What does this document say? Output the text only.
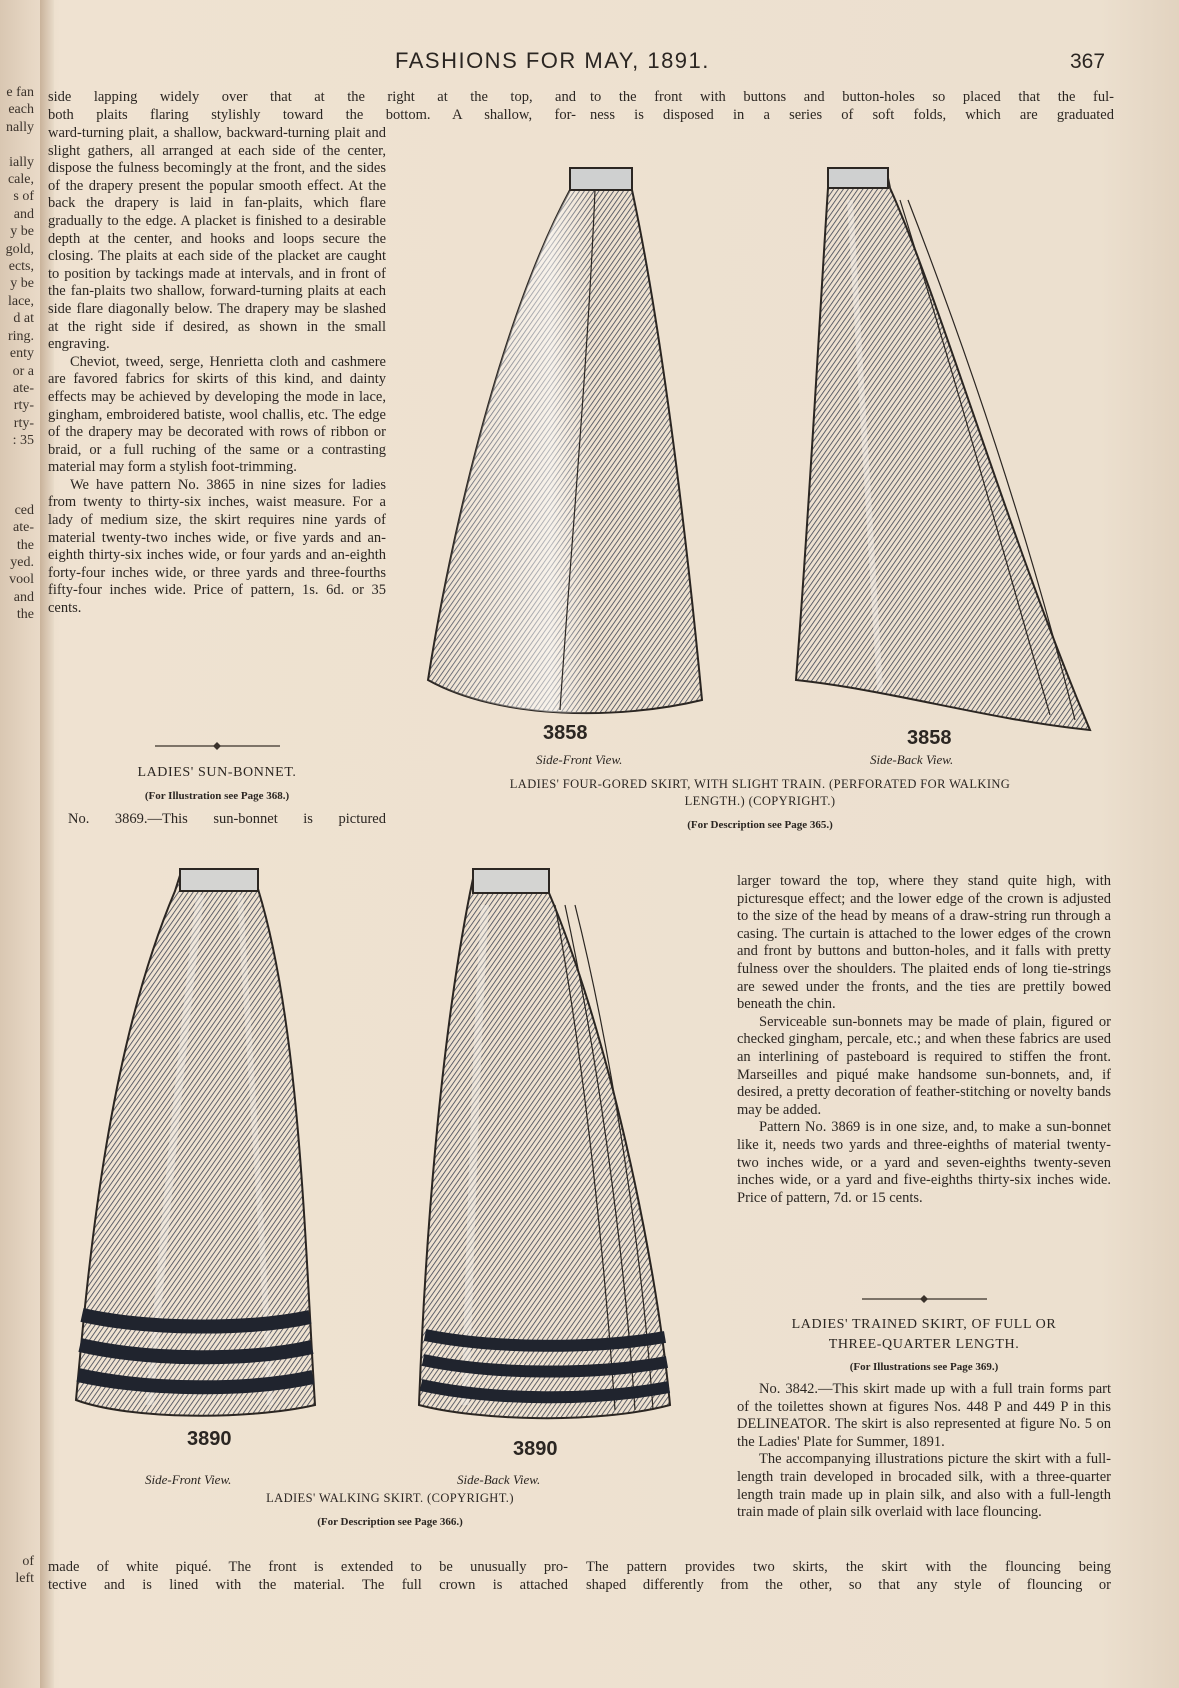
e fan
each
nally

ially
cale,
s of
and
y be
gold,
ects,
y be
lace,
d at
ring.
enty
or a
ate-
rty-
rty-
: 35

ced
ate-
the
yed.
vool
and
the
of
left
FASHIONS FOR MAY, 1891.	367
side lapping widely over that at the right at the top, and
both plaits flaring stylishly toward the bottom. A shallow, for-
to the front with buttons and button-holes so placed that the ful-
ness is disposed in a series of soft folds, which are graduated

ward-turning plait, a shallow, backward-turning plait and slight gathers, all arranged at each side of the center, dispose the fulness becomingly at the front, and the sides of the drapery present the popular smooth effect. At the back the drapery is laid in fan-plaits, which flare gradually to the edge. A placket is finished to a desirable depth at the center, and hooks and loops secure the closing. The plaits at each side of the placket are caught to position by tackings made at intervals, and in front of the fan-plaits two shallow, forward-turning plaits at each side flare diagonally below. The drapery may be slashed at the right side if desired, as shown in the small engraving.

Cheviot, tweed, serge, Henrietta cloth and cashmere are favored fabrics for skirts of this kind, and dainty effects may be achieved by developing the mode in lace, gingham, embroidered batiste, wool challis, etc. The edge of the drapery may be decorated with rows of ribbon or braid, or a full ruching of the same or a contrasting material may form a stylish foot-trimming.

We have pattern No. 3865 in nine sizes for ladies from twenty to thirty-six inches, waist measure. For a lady of medium size, the skirt requires nine yards of material twenty-two inches wide, or five yards and an-eighth thirty-six inches wide, or four yards and an-eighth forty-four inches wide, or three yards and three-fourths fifty-four inches wide. Price of pattern, 1s. 6d. or 35 cents.

LADIES' SUN-BONNET.
(For Illustration see Page 368.)
No. 3869.—This sun-bonnet is pictured
3858	3858
Side-Front View.	Side-Back View.
LADIES' FOUR-GORED SKIRT, WITH SLIGHT TRAIN. (PERFORATED FOR WALKING
LENGTH.) (COPYRIGHT.)
(For Description see Page 365.)
3890	3890
Side-Front View.	Side-Back View.
LADIES' WALKING SKIRT. (COPYRIGHT.)
(For Description see Page 366.)

larger toward the top, where they stand quite high, with picturesque effect; and the lower edge of the crown is adjusted to the size of the head by means of a draw-string run through a casing. The curtain is attached to the lower edges of the crown and front by buttons and button-holes, and it falls with pretty fulness over the shoulders. The plaited ends of long tie-strings are sewed under the fronts, and the ties are prettily bowed beneath the chin.

Serviceable sun-bonnets may be made of plain, figured or checked gingham, percale, etc.; and when these fabrics are used an interlining of pasteboard is required to stiffen the front. Marseilles and piqué make handsome sun-bonnets, and, if desired, a pretty decoration of feather-stitching or novelty bands may be added.

Pattern No. 3869 is in one size, and, to make a sun-bonnet like it, needs two yards and three-eighths of material twenty-two inches wide, or a yard and seven-eighths twenty-seven inches wide, or a yard and five-eighths thirty-six inches wide. Price of pattern, 7d. or 15 cents.

LADIES' TRAINED SKIRT, OF FULL OR
THREE-QUARTER LENGTH.
(For Illustrations see Page 369.)

No. 3842.—This skirt made up with a full train forms part of the toilettes shown at figures Nos. 448 P and 449 P in this DELINEATOR. The skirt is also represented at figure No. 5 on the Ladies' Plate for Summer, 1891.

The accompanying illustrations picture the skirt with a full-length train developed in brocaded silk, with a three-quarter length train made up in plain silk, and also with a full-length train made of plain silk overlaid with lace flouncing.

made of white piqué. The front is extended to be unusually pro-
tective and is lined with the material. The full crown is attached
The pattern provides two skirts, the skirt with the flouncing being
shaped differently from the other, so that any style of flouncing or
